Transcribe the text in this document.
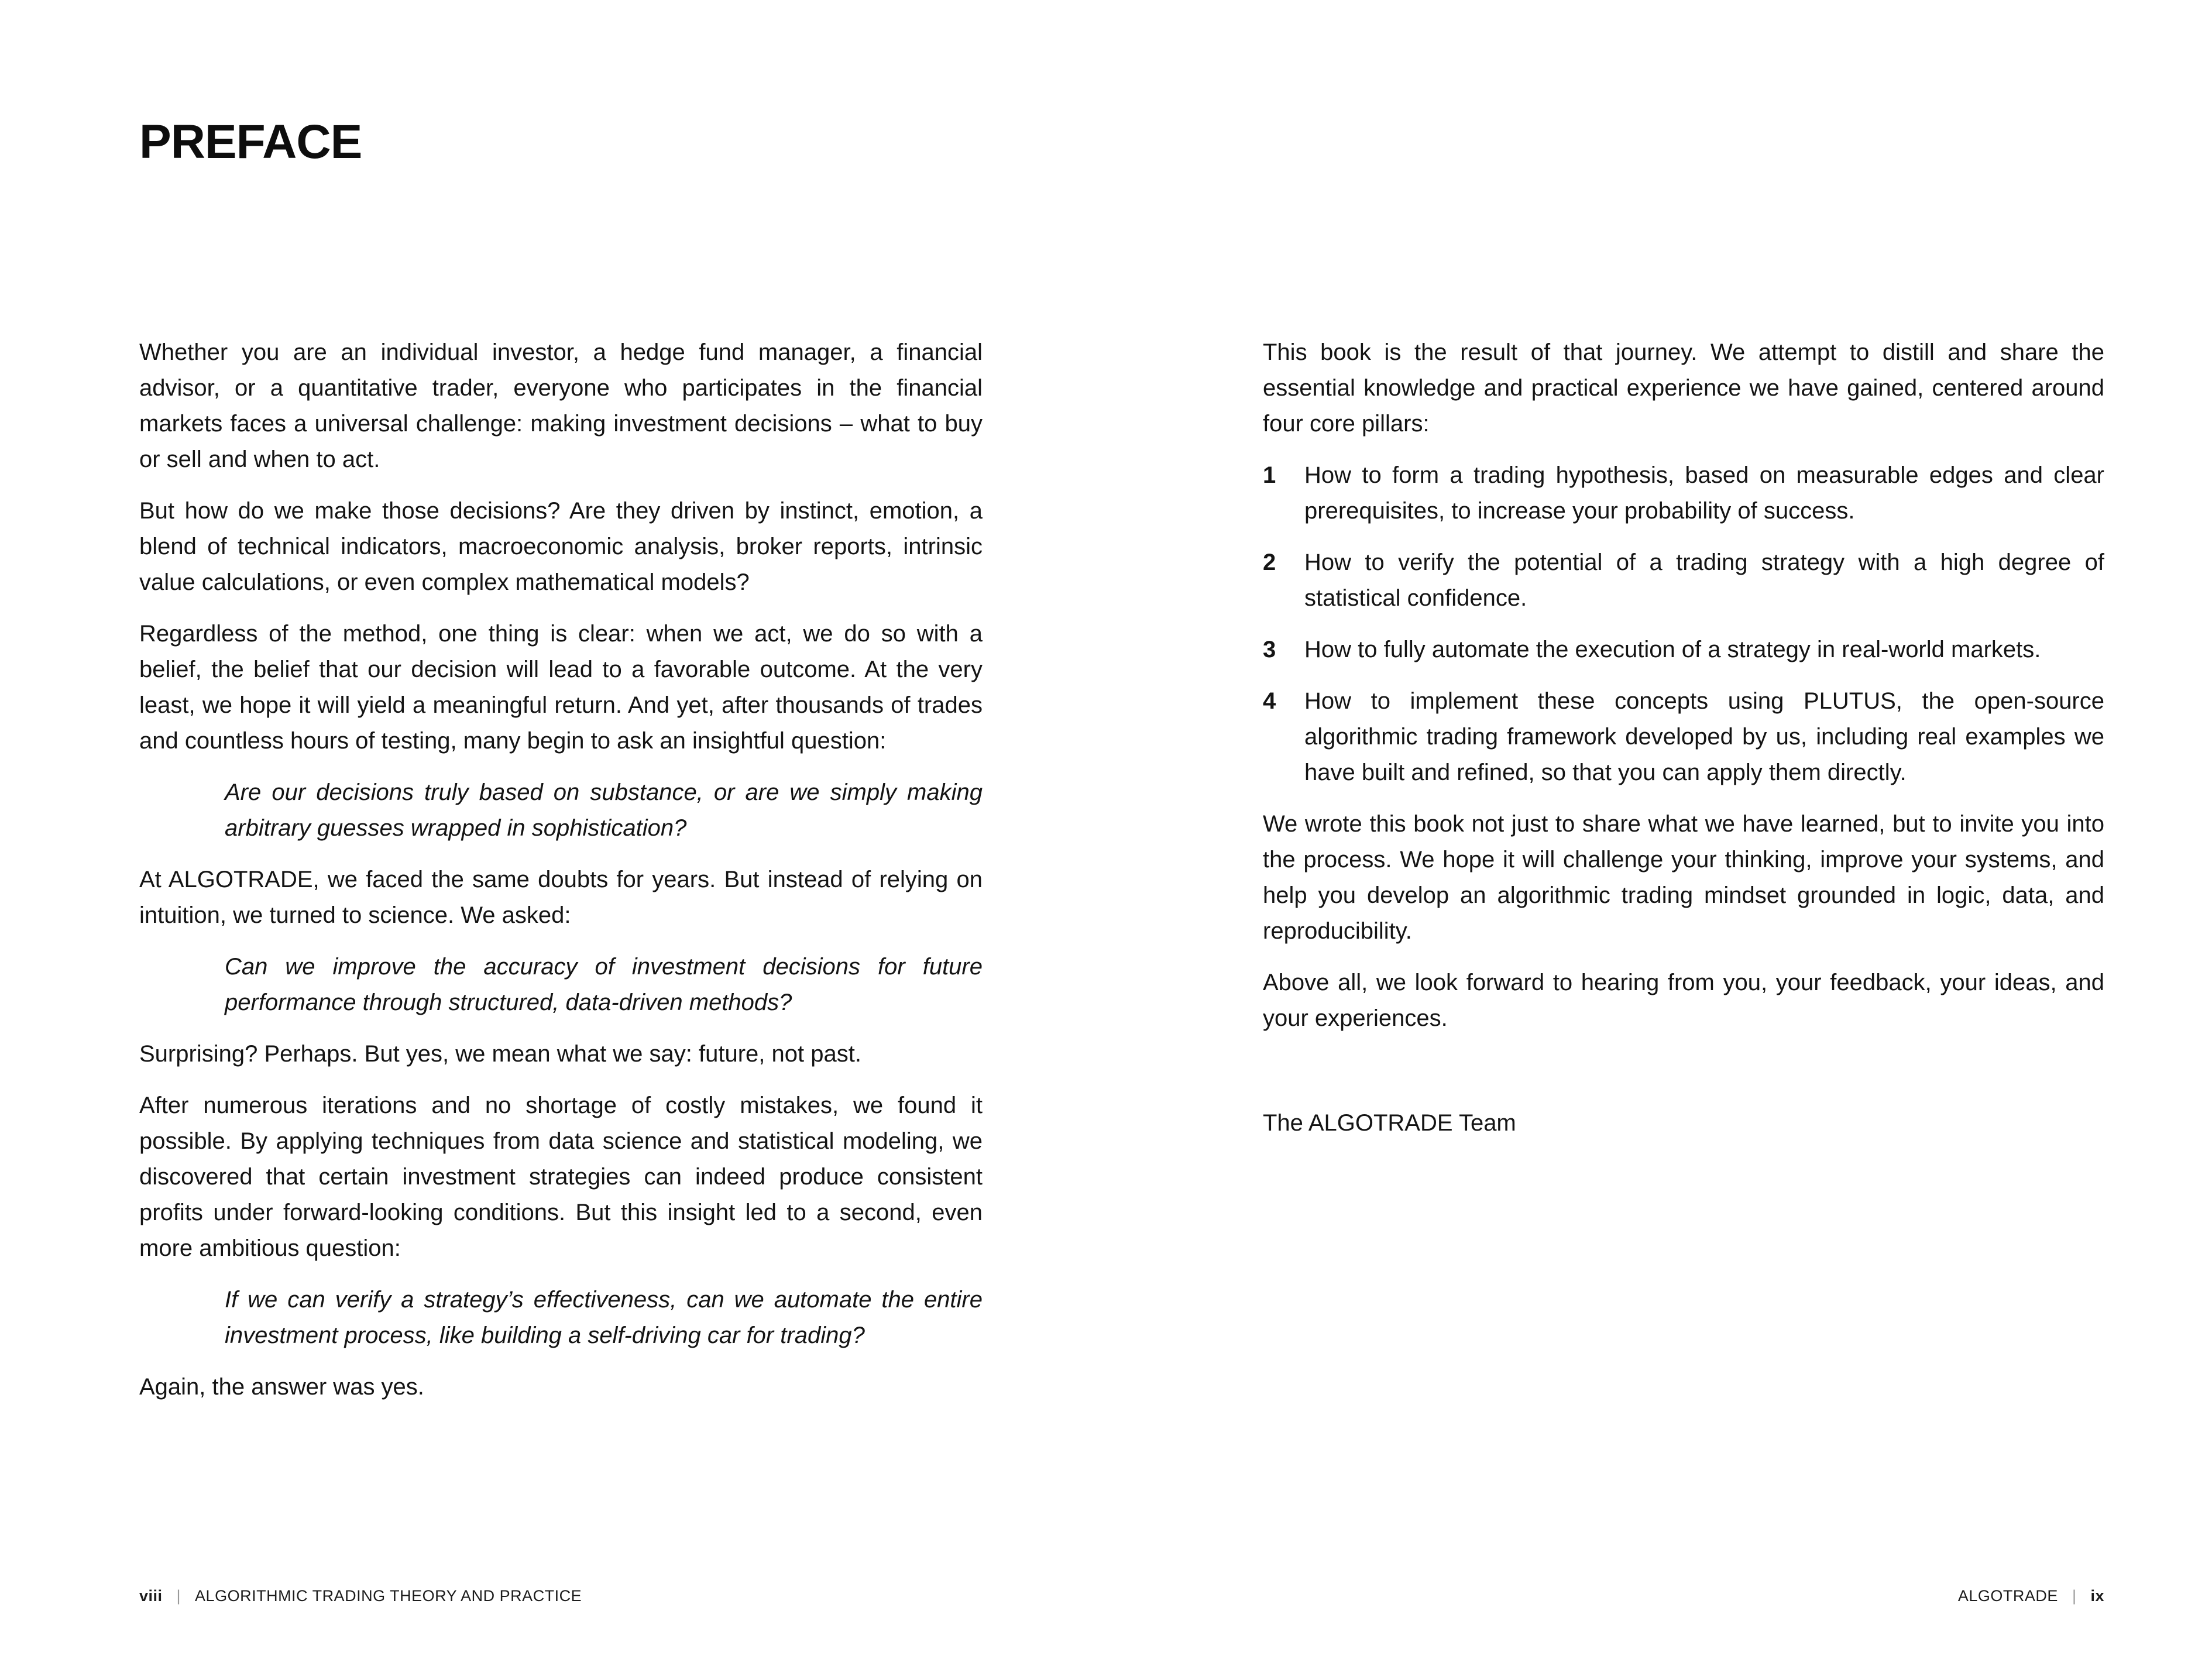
PREFACE

Whether you are an individual investor, a hedge fund manager, a financial advisor, or a quantitative trader, everyone who participates in the financial markets faces a universal challenge: making investment decisions – what to buy or sell and when to act.

But how do we make those decisions? Are they driven by instinct, emotion, a blend of technical indicators, macroeconomic analysis, broker reports, intrinsic value calculations, or even complex mathematical models?

Regardless of the method, one thing is clear: when we act, we do so with a belief, the belief that our decision will lead to a favorable outcome. At the very least, we hope it will yield a meaningful return. And yet, after thousands of trades and countless hours of testing, many begin to ask an insightful question:

Are our decisions truly based on substance, or are we simply making arbitrary guesses wrapped in sophistication?

At ALGOTRADE, we faced the same doubts for years. But instead of relying on intuition, we turned to science. We asked:

Can we improve the accuracy of investment decisions for future performance through structured, data-driven methods?

Surprising? Perhaps. But yes, we mean what we say: future, not past.

After numerous iterations and no shortage of costly mistakes, we found it possible. By applying techniques from data science and statistical modeling, we discovered that certain investment strategies can indeed produce consistent profits under forward-looking conditions. But this insight led to a second, even more ambitious question:

If we can verify a strategy’s effectiveness, can we automate the entire investment process, like building a self-driving car for trading?

Again, the answer was yes.

viii | ALGORITHMIC TRADING THEORY AND PRACTICE

This book is the result of that journey. We attempt to distill and share the essential knowledge and practical experience we have gained, centered around four core pillars:

1	How to form a trading hypothesis, based on measurable edges and clear prerequisites, to increase your probability of success.
2	How to verify the potential of a trading strategy with a high degree of statistical confidence.
3	How to fully automate the execution of a strategy in real-world markets.
4	How to implement these concepts using PLUTUS, the open-source algorithmic trading framework developed by us, including real examples we have built and refined, so that you can apply them directly.

We wrote this book not just to share what we have learned, but to invite you into the process. We hope it will challenge your thinking, improve your systems, and help you develop an algorithmic trading mindset grounded in logic, data, and reproducibility.

Above all, we look forward to hearing from you, your feedback, your ideas, and your experiences.

The ALGOTRADE Team

ALGOTRADE | ix
